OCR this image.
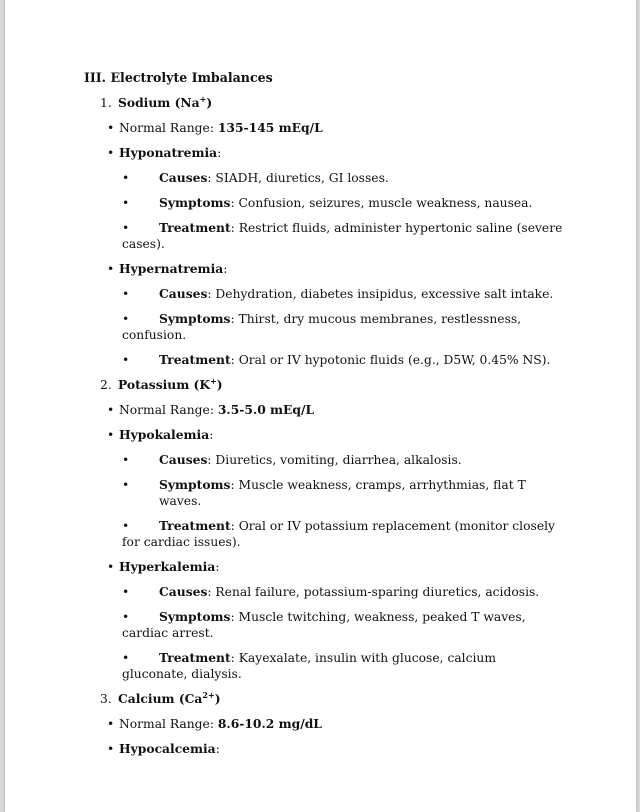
III. Electrolyte Imbalances
1. Sodium (Na+)
• Normal Range: 135-145 mEq/L
• Hyponatremia:
• Causes: SIADH, diuretics, GI losses.
• Symptoms: Confusion, seizures, muscle weakness, nausea.
• Treatment: Restrict fluids, administer hypertonic saline (severe cases).
• Hypernatremia:
• Causes: Dehydration, diabetes insipidus, excessive salt intake.
• Symptoms: Thirst, dry mucous membranes, restlessness, confusion.
• Treatment: Oral or IV hypotonic fluids (e.g., D5W, 0.45% NS).
2. Potassium (K+)
• Normal Range: 3.5-5.0 mEq/L
• Hypokalemia:
• Causes: Diuretics, vomiting, diarrhea, alkalosis.
• Symptoms: Muscle weakness, cramps, arrhythmias, flat T waves.
• Treatment: Oral or IV potassium replacement (monitor closely for cardiac issues).
• Hyperkalemia:
• Causes: Renal failure, potassium-sparing diuretics, acidosis.
• Symptoms: Muscle twitching, weakness, peaked T waves, cardiac arrest.
• Treatment: Kayexalate, insulin with glucose, calcium gluconate, dialysis.
3. Calcium $(Ca^{2+})$
• Normal Range: 8.6-10.2 mg/dL
• Hypocalcemia:
